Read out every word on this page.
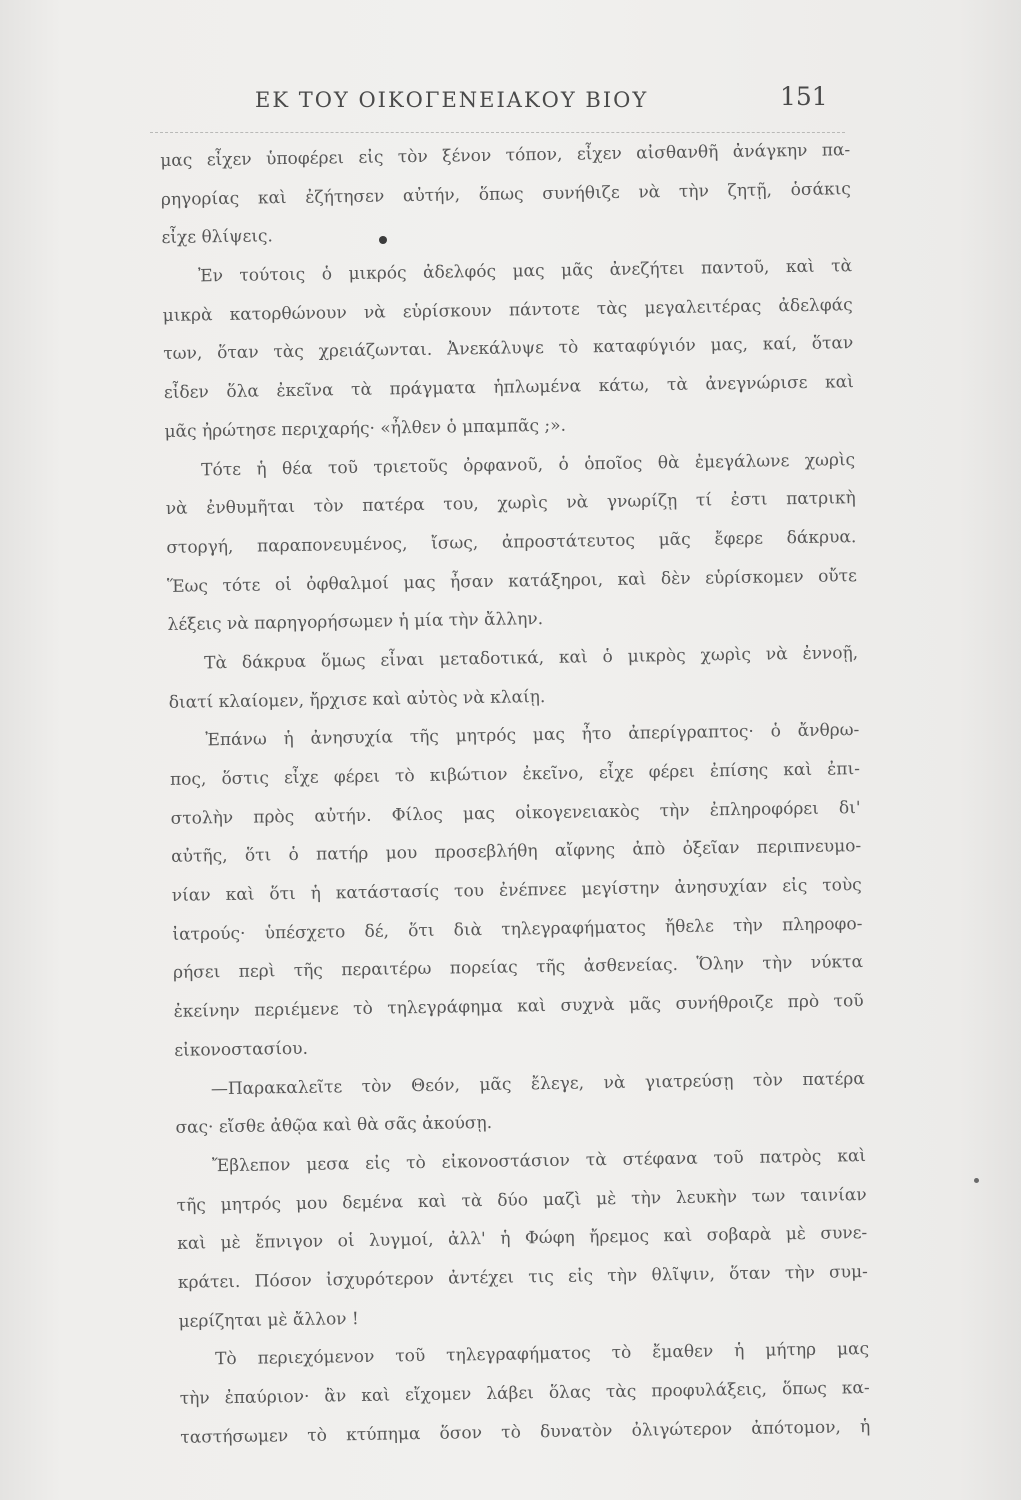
ΕΚ ΤΟΥ ΟΙΚΟΓΕΝΕΙΑΚΟΥ ΒΙΟΥ	151
μας εἶχεν ὑποφέρει εἰς τὸν ξένον τόπον, εἶχεν αἰσθανθῆ ἀνάγκην πα-
ρηγορίας καὶ ἐζήτησεν αὐτήν, ὅπως συνήθιζε νὰ τὴν ζητῇ, ὁσάκις
εἶχε θλίψεις.
Ἐν τούτοις ὁ μικρός ἀδελφός μας μᾶς ἀνεζήτει παντοῦ, καὶ τὰ
μικρὰ κατορθώνουν νὰ εὑρίσκουν πάντοτε τὰς μεγαλειτέρας ἀδελφάς
των, ὅταν τὰς χρειάζωνται. Ἀνεκάλυψε τὸ καταφύγιόν μας, καί, ὅταν
εἶδεν ὅλα ἐκεῖνα τὰ πράγματα ἡπλωμένα κάτω, τὰ ἀνεγνώρισε καὶ
μᾶς ἠρώτησε περιχαρής· «ἦλθεν ὁ μπαμπᾶς ;».
Τότε ἡ θέα τοῦ τριετοῦς ὀρφανοῦ, ὁ ὁποῖος θὰ ἐμεγάλωνε χωρὶς
νὰ ἐνθυμῆται τὸν πατέρα του, χωρὶς νὰ γνωρίζῃ τί ἐστι πατρικὴ
στοργή, παραπονευμένος, ἴσως, ἀπροστάτευτος μᾶς ἔφερε δάκρυα.
Ἕως τότε οἱ ὀφθαλμοί μας ἦσαν κατάξηροι, καὶ δὲν εὑρίσκομεν οὔτε
λέξεις νὰ παρηγορήσωμεν ἡ μία τὴν ἄλλην.
Τὰ δάκρυα ὅμως εἶναι μεταδοτικά, καὶ ὁ μικρὸς χωρὶς νὰ ἐννοῇ,
διατί κλαίομεν, ἤρχισε καὶ αὐτὸς νὰ κλαίῃ.
Ἐπάνω ἡ ἀνησυχία τῆς μητρός μας ἦτο ἀπερίγραπτος· ὁ ἄνθρω-
πος, ὅστις εἶχε φέρει τὸ κιβώτιον ἐκεῖνο, εἶχε φέρει ἐπίσης καὶ ἐπι-
στολὴν πρὸς αὐτήν. Φίλος μας οἰκογενειακὸς τὴν ἐπληροφόρει δι'
αὐτῆς, ὅτι ὁ πατήρ μου προσεβλήθη αἴφνης ἀπὸ ὀξεῖαν περιπνευμο-
νίαν καὶ ὅτι ἡ κατάστασίς του ἐνέπνεε μεγίστην ἀνησυχίαν εἰς τοὺς
ἰατρούς· ὑπέσχετο δέ, ὅτι διὰ τηλεγραφήματος ἤθελε τὴν πληροφο-
ρήσει περὶ τῆς περαιτέρω πορείας τῆς ἀσθενείας. Ὅλην τὴν νύκτα
ἐκείνην περιέμενε τὸ τηλεγράφημα καὶ συχνὰ μᾶς συνήθροιζε πρὸ τοῦ
εἰκονοστασίου.
—Παρακαλεῖτε τὸν Θεόν, μᾶς ἔλεγε, νὰ γιατρεύσῃ τὸν πατέρα
σας· εἴσθε ἀθῷα καὶ θὰ σᾶς ἀκούσῃ.
Ἔβλεπον μεσα εἰς τὸ εἰκονοστάσιον τὰ στέφανα τοῦ πατρὸς καὶ
τῆς μητρός μου δεμένα καὶ τὰ δύο μαζὶ μὲ τὴν λευκὴν των ταινίαν
καὶ μὲ ἔπνιγον οἱ λυγμοί, ἀλλ' ἡ Φώφη ἤρεμος καὶ σοβαρὰ μὲ συνε-
κράτει. Πόσον ἰσχυρότερον ἀντέχει τις εἰς τὴν θλῖψιν, ὅταν τὴν συμ-
μερίζηται μὲ ἄλλον !
Τὸ περιεχόμενον τοῦ τηλεγραφήματος τὸ ἔμαθεν ἡ μήτηρ μας
τὴν ἐπαύριον· ἂν καὶ εἴχομεν λάβει ὅλας τὰς προφυλάξεις, ὅπως κα-
ταστήσωμεν τὸ κτύπημα ὅσον τὸ δυνατὸν ὀλιγώτερον ἀπότομον, ἡ
